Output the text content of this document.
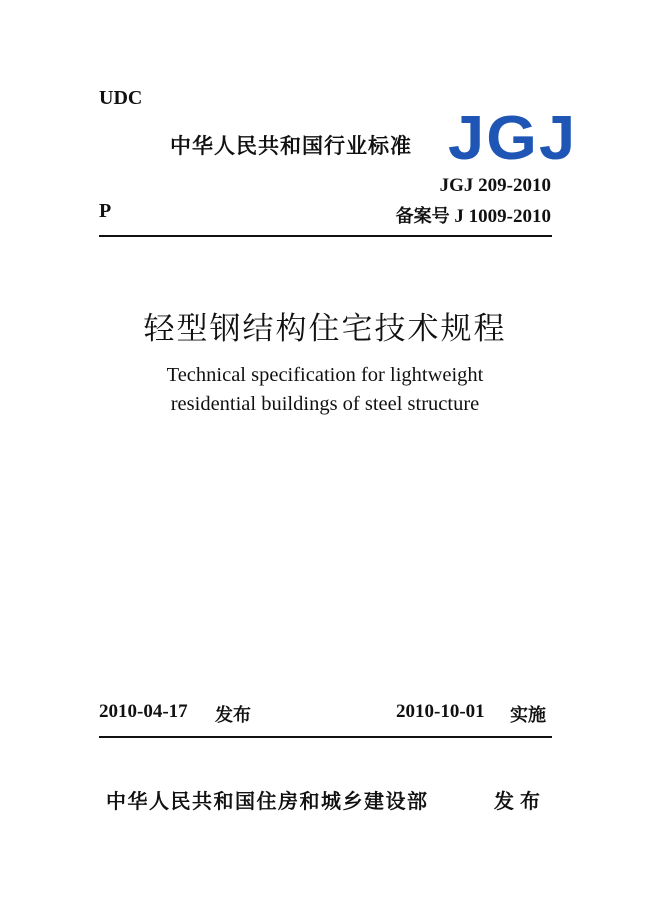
UDC
中华人民共和国行业标准 JGJ
JGJ 209-2010
备案号 J 1009-2010
P
轻型钢结构住宅技术规程
Technical specification for lightweight
residential buildings of steel structure
2010-04-17 发布	2010-10-01 实施
中华人民共和国住房和城乡建设部	发布
